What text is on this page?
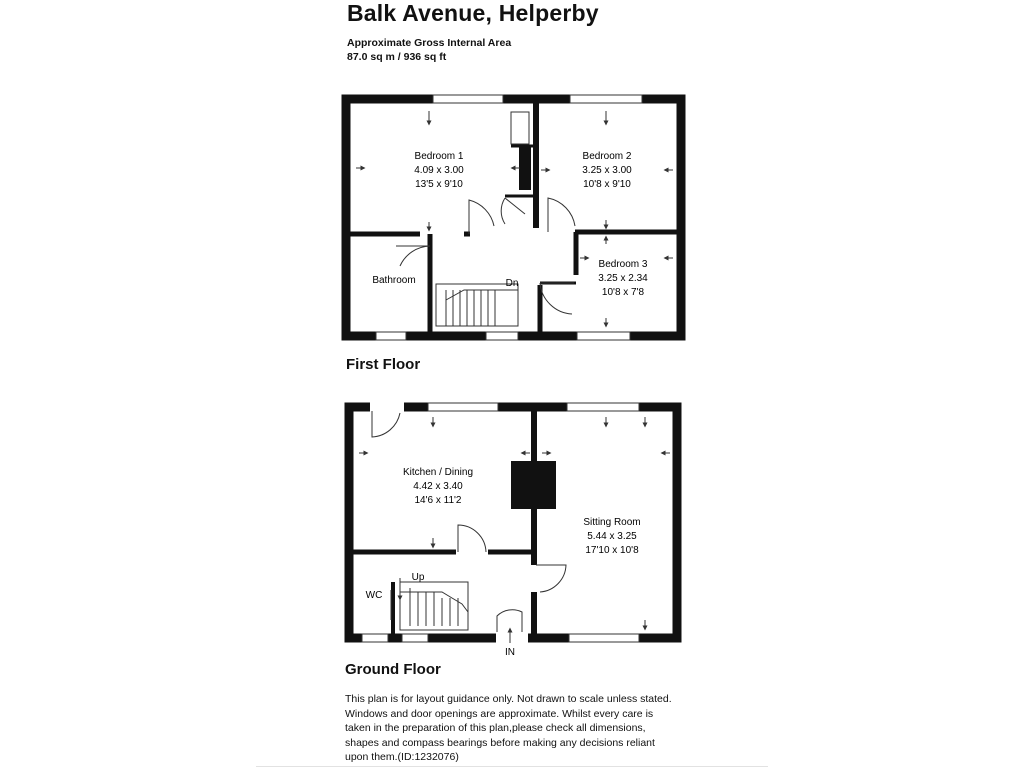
Balk Avenue, Helperby
Approximate Gross Internal Area
87.0 sq m / 936 sq ft
Bedroom 1
4.09 x 3.00
13'5 x 9'10
Bedroom 2
3.25 x 3.00
10'8 x 9'10
Bedroom 3
3.25 x 2.34
10'8 x 7'8
Bathroom	Dn
Kitchen / Dining
4.42 x 3.40
14'6 x 11'2
Sitting Room
5.44 x 3.25
17'10 x 10'8
WC
Up
IN
First Floor
Ground Floor
This plan is for layout guidance only. Not drawn to scale unless stated.
Windows and door openings are approximate. Whilst every care is
taken in the preparation of this plan,please check all dimensions,
shapes and compass bearings before making any decisions reliant
upon them.(ID:1232076)
